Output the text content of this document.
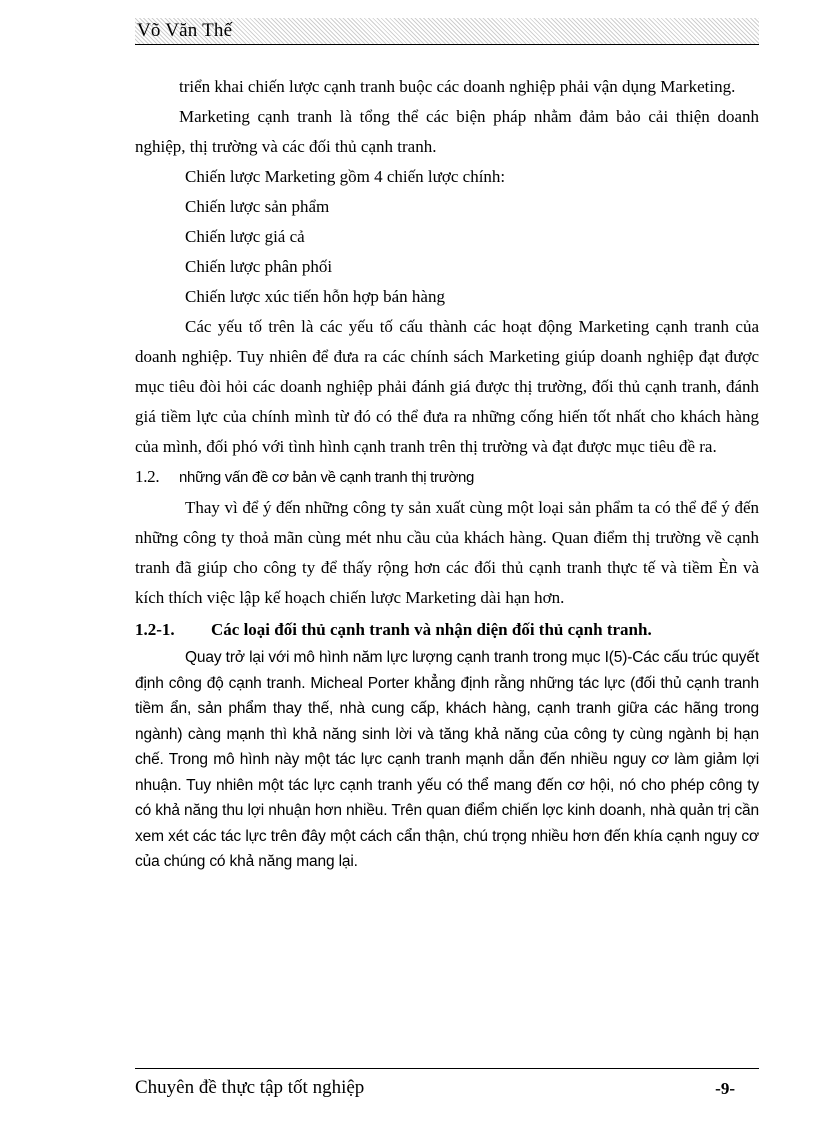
Võ Văn Thế

triển khai chiến lược cạnh tranh buộc các doanh nghiệp phải vận dụng Marketing.

Marketing cạnh tranh là tổng thể các biện pháp nhằm đảm bảo cải thiện doanh nghiệp, thị trường và các đối thủ cạnh tranh.

Chiến lược Marketing gồm 4 chiến lược chính:

Chiến lược sản phẩm

Chiến lược giá cả

Chiến lược phân phối

Chiến lược xúc tiến hỗn hợp bán hàng

Các yếu tố trên là các yếu tố cấu thành các hoạt động Marketing cạnh tranh của doanh nghiệp. Tuy nhiên để đưa ra các chính sách Marketing giúp doanh nghiệp đạt được mục tiêu đòi hỏi các doanh nghiệp phải đánh giá được thị trường, đối thủ cạnh tranh, đánh giá tiềm lực của chính mình từ đó có thể đưa ra những cống hiến tốt nhất cho khách hàng của mình, đối phó với tình hình cạnh tranh trên thị trường và đạt được mục tiêu đề ra.

1.2. những vấn đề cơ bản về cạnh tranh thị trường

Thay vì để ý đến những công ty sản xuất cùng một loại sản phẩm ta có thể để ý đến những công ty thoả mãn cùng mét nhu cầu của khách hàng. Quan điểm thị trường về cạnh tranh đã giúp cho công ty để thấy rộng hơn các đối thủ cạnh tranh thực tế và tiềm Èn và kích thích việc lập kế hoạch chiến lược Marketing dài hạn hơn.

1.2-1. Các loại đối thủ cạnh tranh và nhận diện đối thủ cạnh tranh.

Quay trở lại với mô hình năm lực lượng cạnh tranh trong mục I(5)-Các cấu trúc quyết định công độ cạnh tranh. Micheal Porter khẳng định rằng những tác lực (đối thủ cạnh tranh tiềm ẩn, sản phẩm thay thế, nhà cung cấp, khách hàng, cạnh tranh giữa các hãng trong ngành) càng mạnh thì khả năng sinh lời và tăng khả năng của công ty cùng ngành bị hạn chế. Trong mô hình này một tác lực cạnh tranh mạnh dẫn đến nhiều nguy cơ làm giảm lợi nhuận. Tuy nhiên một tác lực cạnh tranh yếu có thể mang đến cơ hội, nó cho phép công ty có khả năng thu lợi nhuận hơn nhiều. Trên quan điểm chiến lợc kinh doanh, nhà quản trị cần xem xét các tác lực trên đây một cách cẩn thận, chú trọng nhiều hơn đến khía cạnh nguy cơ của chúng có khả năng mang lại.

Chuyên đề thực tập tốt nghiệp	-9-
